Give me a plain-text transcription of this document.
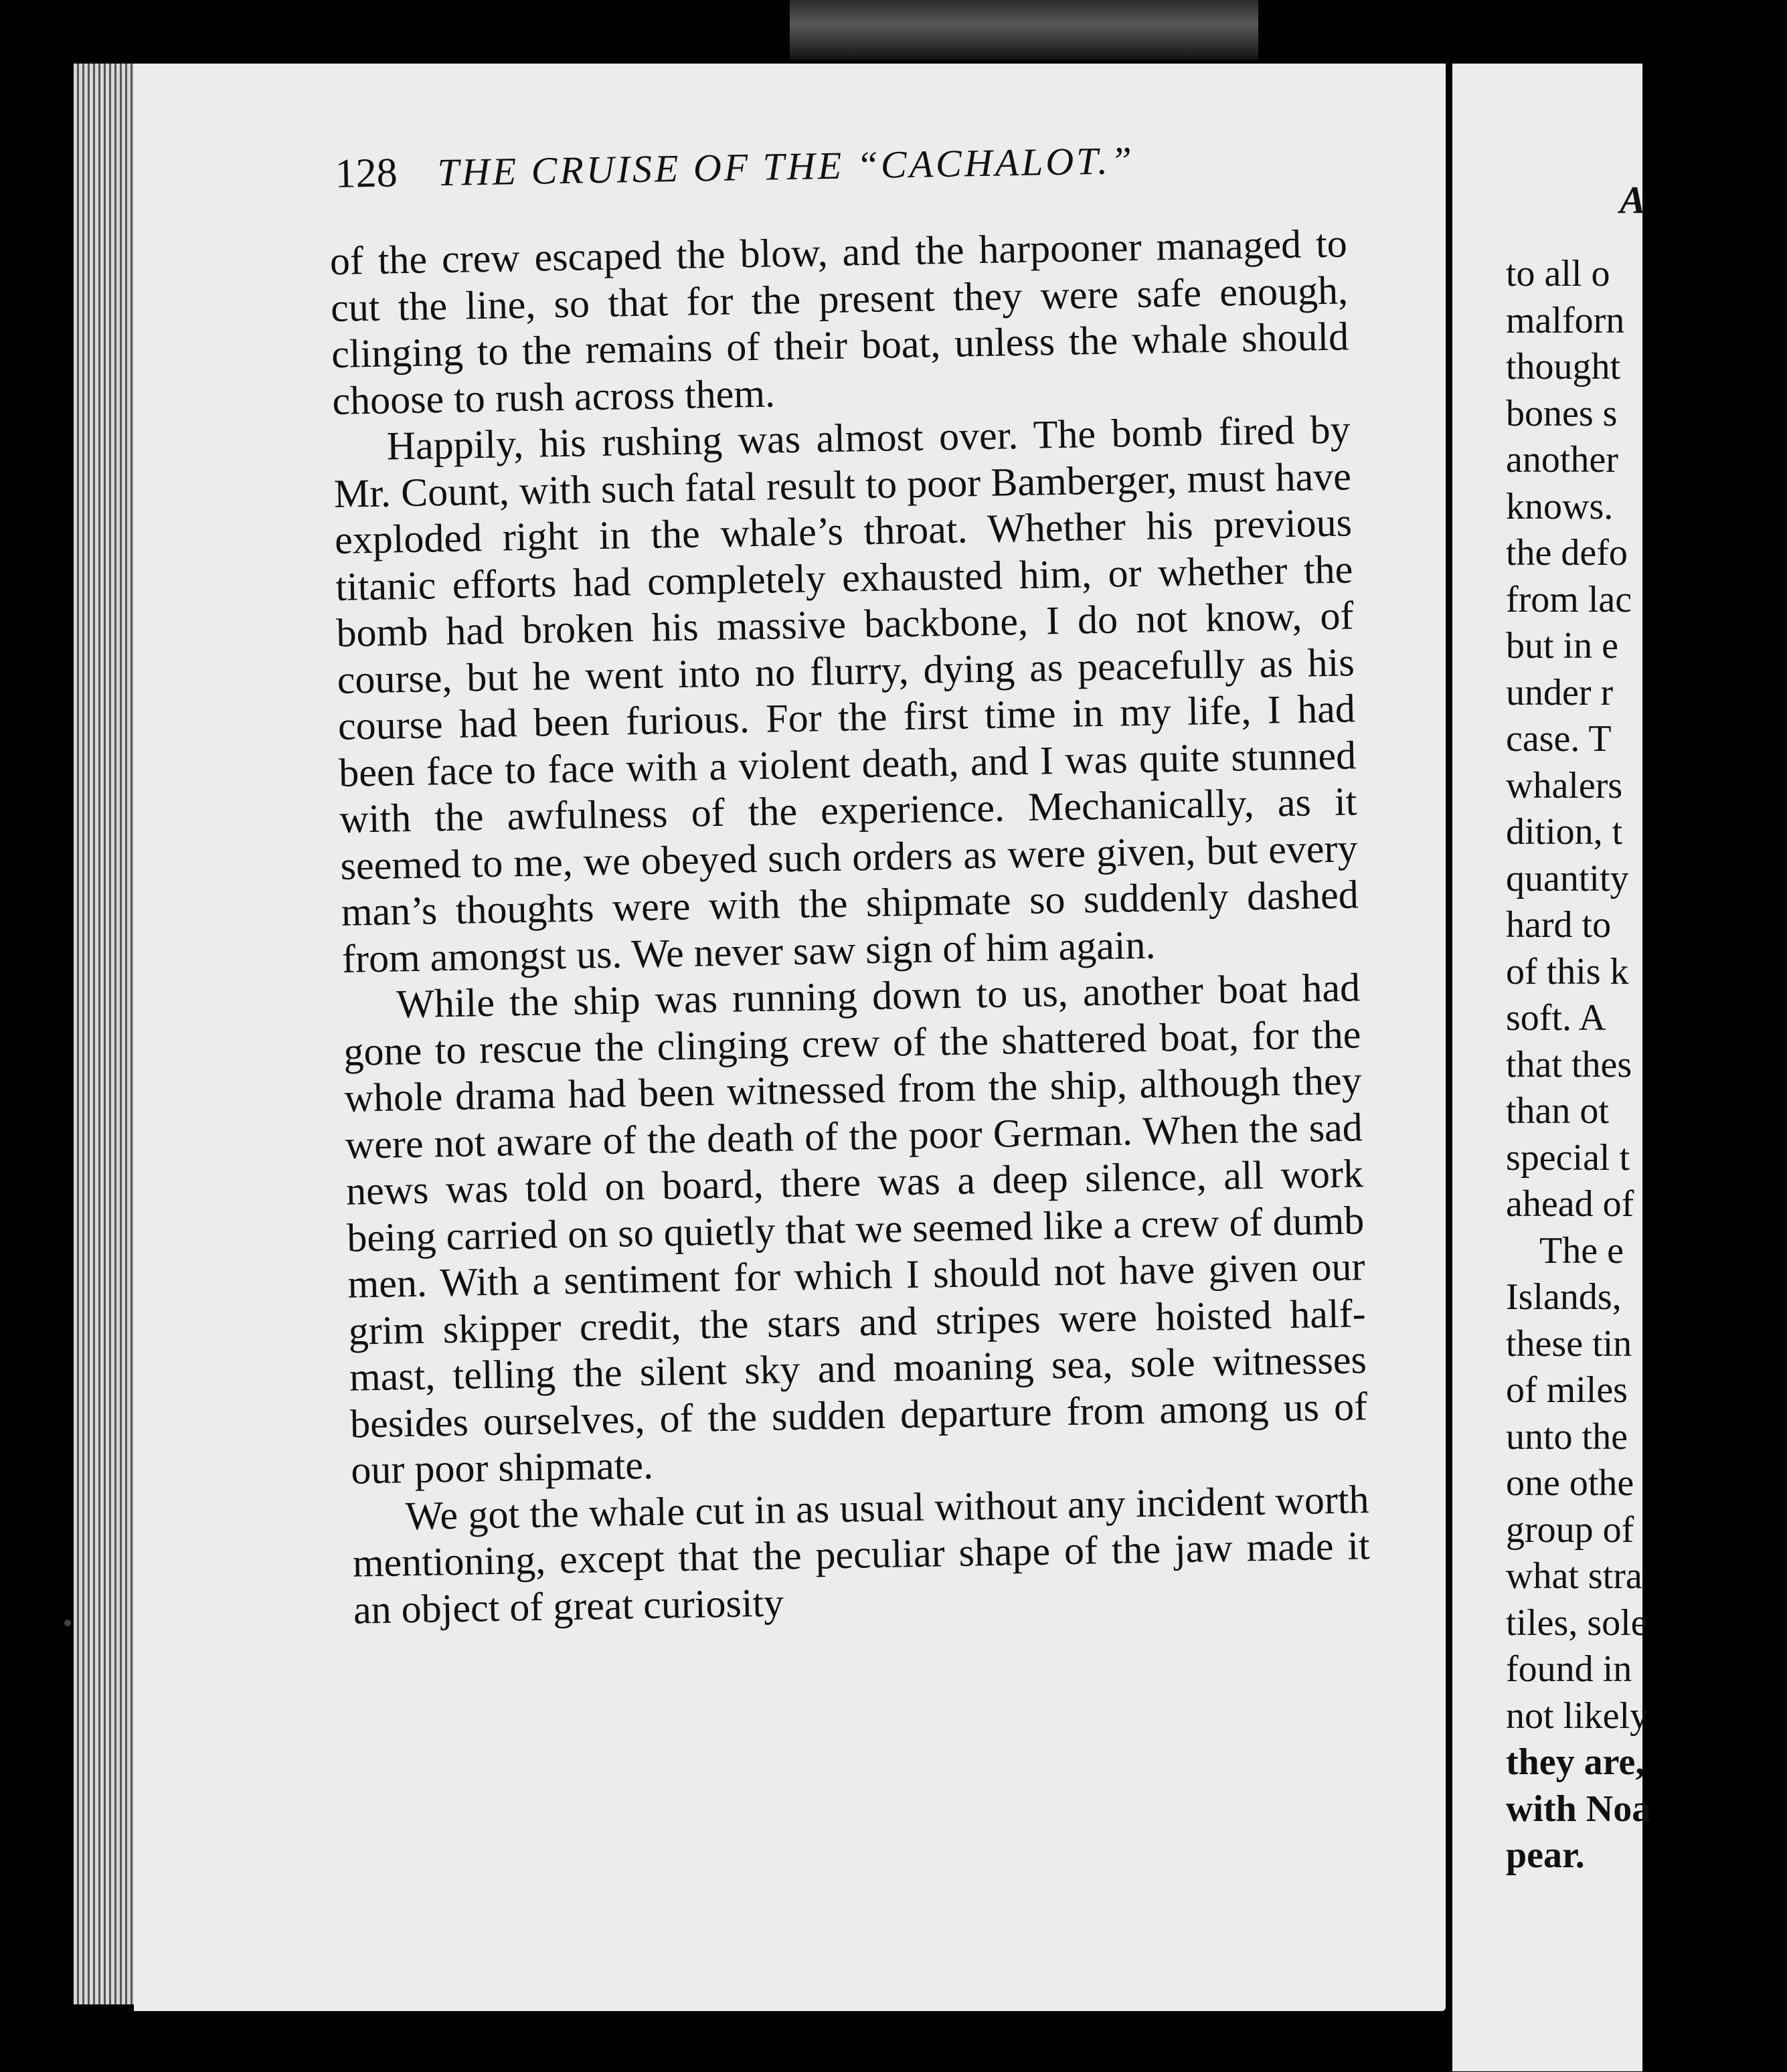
128 THE CRUISE OF THE “CACHALOT.”

of the crew escaped the blow, and the harpooner managed to cut the line, so that for the present they were safe enough, clinging to the remains of their boat, unless the whale should choose to rush across them.

Happily, his rushing was almost over. The bomb fired by Mr. Count, with such fatal result to poor Bamberger, must have exploded right in the whale’s throat. Whether his previous titanic efforts had completely exhausted him, or whether the bomb had broken his massive backbone, I do not know, of course, but he went into no flurry, dying as peacefully as his course had been furious. For the first time in my life, I had been face to face with a violent death, and I was quite stunned with the awfulness of the experience. Mechanically, as it seemed to me, we obeyed such orders as were given, but every man’s thoughts were with the shipmate so suddenly dashed from amongst us. We never saw sign of him again.

While the ship was running down to us, another boat had gone to rescue the clinging crew of the shattered boat, for the whole drama had been witnessed from the ship, although they were not aware of the death of the poor German. When the sad news was told on board, there was a deep silence, all work being carried on so quietly that we seemed like a crew of dumb men. With a sentiment for which I should not have given our grim skipper credit, the stars and stripes were hoisted half-mast, telling the silent sky and moaning sea, sole witnesses besides ourselves, of the sudden departure from among us of our poor shipmate.

We got the whale cut in as usual without any incident worth mentioning, except that the peculiar shape of the jaw made it an object of great curiosity

A
to all o
malforn
thought
bones s
another
knows.
the defo
from lac
but in e
under r
case. T
whalers
dition, t
quantity
hard to
of this k
soft. A
that thes
than ot
special t
ahead of
The e
Islands,
these tin
of miles
unto the
one othe
group of
what stra
tiles, sole
found in
not likely
they are,
with Noa
pear.
